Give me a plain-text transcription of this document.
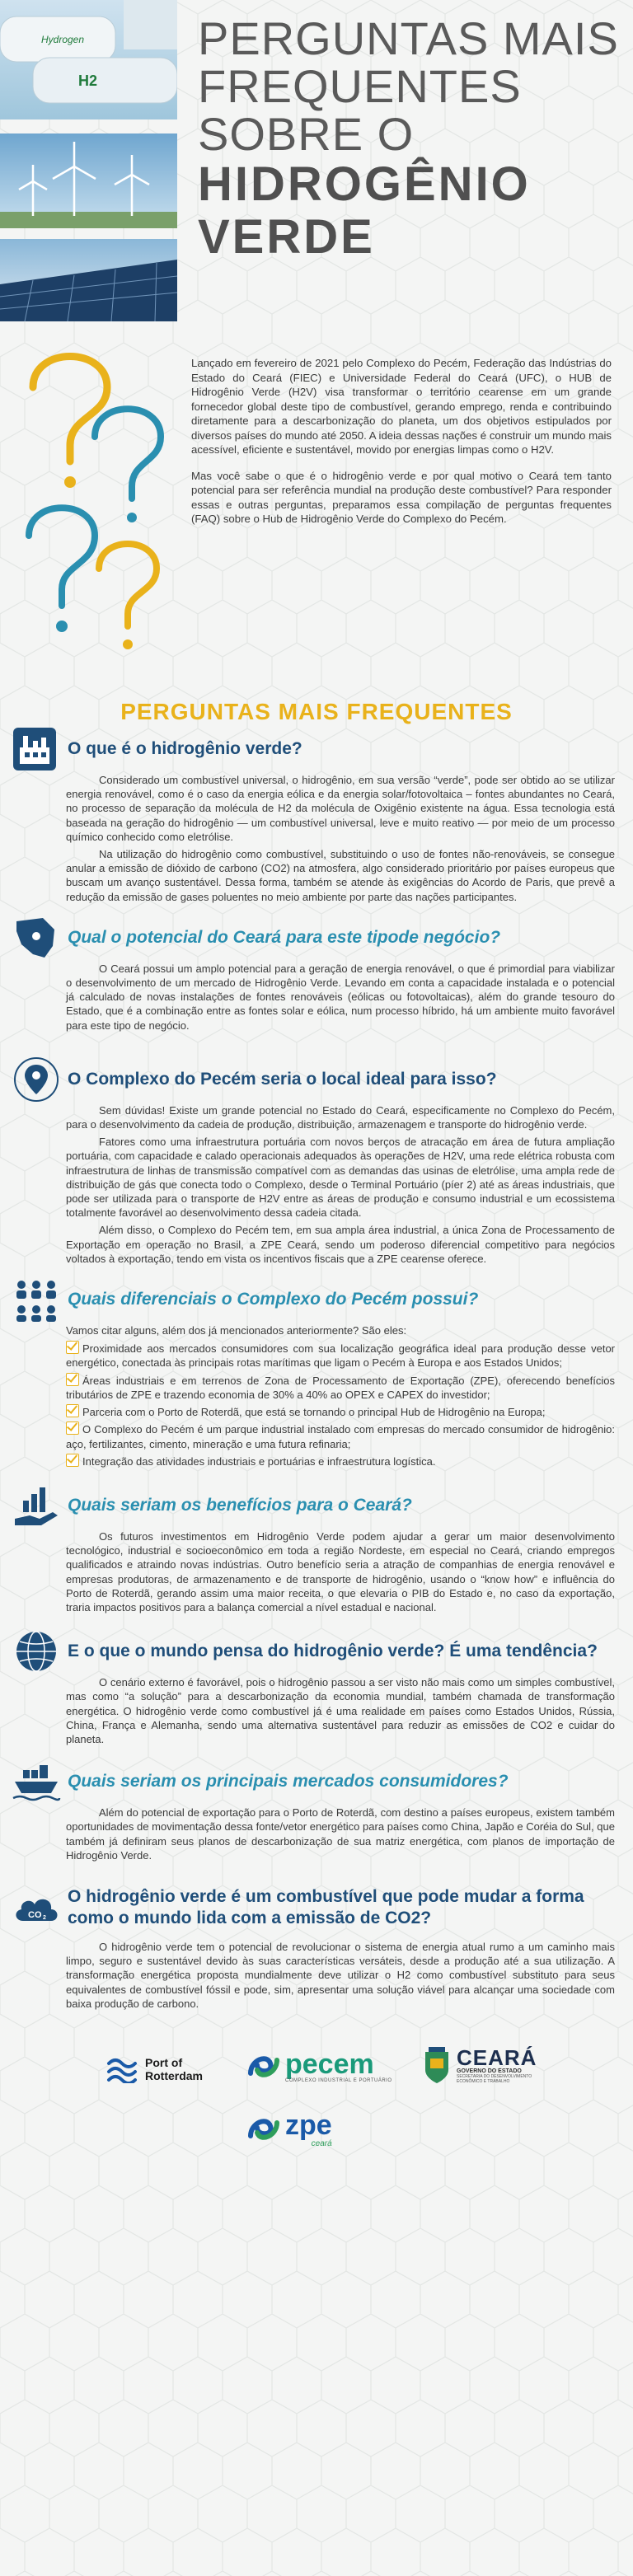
Hydrogen
H2
PERGUNTAS MAIS
FREQUENTES
SOBRE O
HIDROGÊNIO
VERDE

Lançado em fevereiro de 2021 pelo Complexo do Pecém, Federação das Indústrias do Estado do Ceará (FIEC) e Universidade Federal do Ceará (UFC), o HUB de Hidrogênio Verde (H2V) visa transformar o território cearense em um grande fornecedor global deste tipo de combustível, gerando emprego, renda e contribuindo diretamente para a descarbonização do planeta, um dos objetivos estipulados por diversos países do mundo até 2050. A ideia dessas nações é construir um mundo mais acessível, eficiente e sustentável, movido por energias limpas como o H2V.

Mas você sabe o que é o hidrogênio verde e por qual motivo o Ceará tem tanto potencial para ser referência mundial na produção deste combustível? Para responder essas e outras perguntas, preparamos essa compilação de perguntas frequentes (FAQ) sobre o Hub de Hidrogênio Verde do Complexo do Pecém.

PERGUNTAS MAIS FREQUENTES
O que é o hidrogênio verde?

Considerado um combustível universal, o hidrogênio, em sua versão “verde”, pode ser obtido ao se utilizar energia renovável, como é o caso da energia eólica e da energia solar/fotovoltaica – fontes abundantes no Ceará, no processo de separação da molécula de H2 da molécula de Oxigênio existente na água. Essa tecnologia está baseada na geração do hidrogênio — um combustível universal, leve e muito reativo — por meio de um processo químico conhecido como eletrólise.

Na utilização do hidrogênio como combustível, substituindo o uso de fontes não-renováveis, se consegue anular a emissão de dióxido de carbono (CO2) na atmosfera, algo considerado prioritário por países europeus que buscam um avanço sustentável. Dessa forma, também se atende às exigências do Acordo de Paris, que prevê a redução da emissão de gases poluentes no meio ambiente por parte das nações participantes.

Qual o potencial do Ceará para este tipode negócio?

O Ceará possui um amplo potencial para a geração de energia renovável, o que é primordial para viabilizar o desenvolvimento de um mercado de Hidrogênio Verde. Levando em conta a capacidade instalada e o potencial já calculado de novas instalações de fontes renováveis (eólicas ou fotovoltaicas), além do grande tesouro do Estado, que é a combinação entre as fontes solar e eólica, num processo híbrido, há um ambiente muito favorável para este tipo de negócio.

O Complexo do Pecém seria o local ideal para isso?

Sem dúvidas! Existe um grande potencial no Estado do Ceará, especificamente no Complexo do Pecém, para o desenvolvimento da cadeia de produção, distribuição, armazenagem e transporte do hidrogênio verde.

Fatores como uma infraestrutura portuária com novos berços de atracação em área de futura ampliação portuária, com capacidade e calado operacionais adequados às operações de H2V, uma rede elétrica robusta com infraestrutura de linhas de transmissão compatível com as demandas das usinas de eletrólise, uma ampla rede de distribuição de gás que conecta todo o Complexo, desde o Terminal Portuário (píer 2) até as áreas industriais, que pode ser utilizada para o transporte de H2V entre as áreas de produção e consumo industrial e um ecossistema totalmente favorável ao desenvolvimento dessa cadeia citada.

Além disso, o Complexo do Pecém tem, em sua ampla área industrial, a única Zona de Processamento de Exportação em operação no Brasil, a ZPE Ceará, sendo um poderoso diferencial competitivo para negócios voltados à exportação, tendo em vista os incentivos fiscais que a ZPE cearense oferece.

Quais diferenciais o Complexo do Pecém possui?

Vamos citar alguns, além dos já mencionados anteriormente? São eles:

Proximidade aos mercados consumidores com sua localização geográfica ideal para produção desse vetor energético, conectada às principais rotas marítimas que ligam o Pecém à Europa e aos Estados Unidos;
Áreas industriais e em terrenos de Zona de Processamento de Exportação (ZPE), oferecendo benefícios tributários de ZPE e trazendo economia de 30% a 40% ao OPEX e CAPEX do investidor;
Parceria com o Porto de Roterdã, que está se tornando o principal Hub de Hidrogênio na Europa;
O Complexo do Pecém é um parque industrial instalado com empresas do mercado consumidor de hidrogênio: aço, fertilizantes, cimento, mineração e uma futura refinaria;
Integração das atividades industriais e portuárias e infraestrutura logística.
Quais seriam os benefícios para o Ceará?

Os futuros investimentos em Hidrogênio Verde podem ajudar a gerar um maior desenvolvimento tecnológico, industrial e socioeconômico em toda a região Nordeste, em especial no Ceará, criando empregos qualificados e atraindo novas indústrias. Outro benefício seria a atração de companhias de energia renovável e empresas produtoras, de armazenamento e de transporte de hidrogênio, usando o “know how” e influência do Porto de Roterdã, gerando assim uma maior receita, o que elevaria o PIB do Estado e, no caso da exportação, traria impactos positivos para a balança comercial a nível estadual e nacional.

E o que o mundo pensa do hidrogênio verde? É uma tendência?

O cenário externo é favorável, pois o hidrogênio passou a ser visto não mais como um simples combustível, mas como “a solução” para a descarbonização da economia mundial, também chamada de transformação energética. O hidrogênio verde como combustível já é uma realidade em países como Estados Unidos, Rússia, China, França e Alemanha, sendo uma alternativa sustentável para reduzir as emissões de CO2 e cuidar do planeta.

Quais seriam os principais mercados consumidores?

Além do potencial de exportação para o Porto de Roterdã, com destino a países europeus, existem também oportunidades de movimentação dessa fonte/vetor energético para países como China, Japão e Coréia do Sul, que também já definiram seus planos de descarbonização de sua matriz energética, com planos de importação de Hidrogênio Verde.

CO 2
O hidrogênio verde é um combustível que pode mudar a forma como o mundo lida com a emissão de CO2?

O hidrogênio verde tem o potencial de revolucionar o sistema de energia atual rumo a um caminho mais limpo, seguro e sustentável devido às suas características versáteis, desde a produção até a sua utilização. A transformação energética proposta mundialmente deve utilizar o H2 como combustível substituto para seus equivalentes de combustível fóssil e pode, sim, apresentar uma solução viável para alcançar uma sociedade com baixa produção de carbono.

Port of
Rotterdam	pecem
COMPLEXO INDUSTRIAL E PORTUÁRIO
CEARÁ
GOVERNO DO ESTADO
SECRETARIA DO DESENVOLVIMENTO ECONÔMICO E TRABALHO
zpe
ceará
